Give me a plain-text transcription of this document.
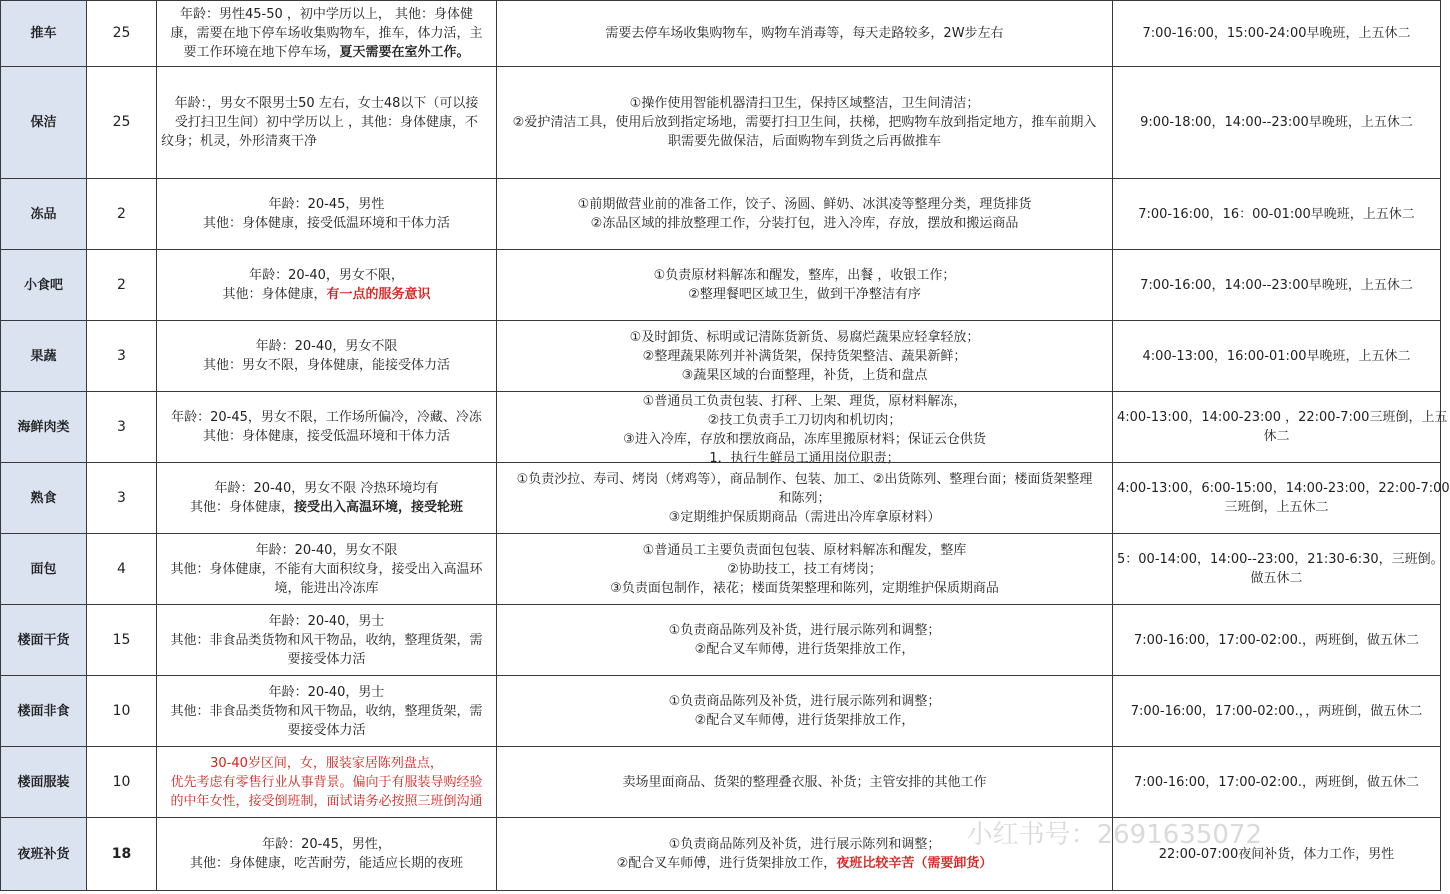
推车	25	年龄：男性45-50 ，初中学历以上， 其他：身体健
康，需要在地下停车场收集购物车，推车，体力活，主
要工作环境在地下停车场，夏天需要在室外工作。	需要去停车场收集购物车，购物车消毒等，每天走路较多，2W步左右	7:00-16:00，15:00-24:00早晚班，上五休二

保洁	25	年龄：，男女不限男士50 左右，女士48以下（可以接
受打扫卫生间）初中学历以上 ，其他：身体健康，不
纹身；机灵，外形清爽干净	①操作使用智能机器清扫卫生，保持区域整洁，卫生间清洁；
②爱护清洁工具，使用后放到指定场地，需要打扫卫生间，扶梯，把购物车放到指定地方，推车前期入
职需要先做保洁，后面购物车到货之后再做推车	9:00-18:00，14:00--23:00早晚班，上五休二

冻品	2	年龄：20-45，男性
其他：身体健康，接受低温环境和干体力活	①前期做营业前的准备工作，饺子、汤圆、鲜奶、冰淇凌等整理分类，理货排货
②冻品区域的排放整理工作，分装打包，进入冷库，存放，摆放和搬运商品	7:00-16:00，16：00-01:00早晚班，上五休二

小食吧	2	年龄：20-40，男女不限，
其他：身体健康，有一点的服务意识	①负责原材料解冻和醒发，整库，出餐 ，收银工作；
②整理餐吧区域卫生，做到干净整洁有序	7:00-16:00，14:00--23:00早晚班，上五休二

果蔬	3	年龄：20-40，男女不限
其他：男女不限，身体健康，能接受体力活	①及时卸货、标明或记清陈货新货、易腐烂蔬果应轻拿轻放；
②整理蔬果陈列并补满货架，保持货架整洁、蔬果新鲜；
③蔬果区域的台面整理，补货，上货和盘点	4:00-13:00，16:00-01:00早晚班，上五休二

海鲜肉类	3	年龄：20-45，男女不限，工作场所偏冷，冷藏、冷冻
其他：身体健康，接受低温环境和干体力活	①普通员工负责包装、打秤、上架、理货，原材料解冻，
②技工负责手工刀切肉和机切肉；
③进入冷库，存放和摆放商品，冻库里搬原材料；保证云仓供货
1．执行生鲜员工通用岗位职责；	4:00-13:00，14:00-23:00 ，22:00-7:00三班倒，上五
休二

熟食	3	年龄：20-40，男女不限 冷热环境均有
其他：身体健康，接受出入高温环境，接受轮班	①负责沙拉、寿司、烤岗（烤鸡等），商品制作、包装、加工、②出货陈列、整理台面；楼面货架整理
和陈列；
③定期维护保质期商品（需进出冷库拿原材料）	4:00-13:00，6:00-15:00，14:00-23:00，22:00-7:00
三班倒，上五休二

面包	4	年龄：20-40，男女不限
其他：身体健康，不能有大面积纹身，接受出入高温环
境，能进出冷冻库	①普通员工主要负责面包包装、原材料解冻和醒发，整库
②协助技工，技工有烤岗；
③负责面包制作，裱花；楼面货架整理和陈列，定期维护保质期商品	5：00-14:00，14:00--23:00，21:30-6:30，三班倒。
做五休二

楼面干货	15	年龄：20-40，男士
其他：非食品类货物和风干物品，收纳，整理货架，需
要接受体力活	①负责商品陈列及补货，进行展示陈列和调整；
②配合叉车师傅，进行货架排放工作，	7:00-16:00，17:00-02:00.，两班倒，做五休二

楼面非食	10	年龄：20-40，男士
其他：非食品类货物和风干物品，收纳，整理货架，需
要接受体力活	①负责商品陈列及补货，进行展示陈列和调整；
②配合叉车师傅，进行货架排放工作，	7:00-16:00，17:00-02:00.，，两班倒，做五休二

楼面服装	10	30-40岁区间，女，服装家居陈列盘点，
优先考虑有零售行业从事背景。偏向于有服装导购经验
的中年女性，接受倒班制，面试请务必按照三班倒沟通	卖场里面商品、货架的整理叠衣服、补货；主管安排的其他工作	7:00-16:00，17:00-02:00.，两班倒，做五休二

夜班补货	18	年龄：20-45，男性，
其他：身体健康，吃苦耐劳，能适应长期的夜班	①负责商品陈列及补货，进行展示陈列和调整；
②配合叉车师傅，进行货架排放工作，夜班比较辛苦（需要卸货）
小红书号：2691635072	22:00-07:00夜间补货，体力工作，男性
